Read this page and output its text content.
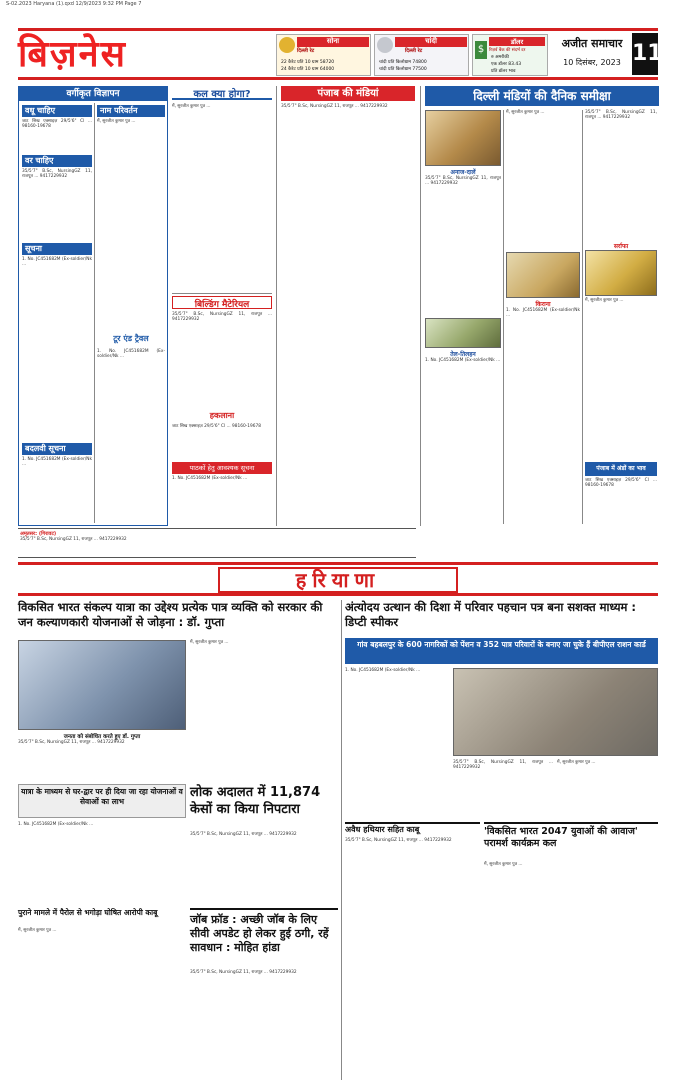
S-02.2023 Haryana (1).qxd 12/9/2023 9:32 PM Page 7
बिज़नेस	सोना
दिल्ली रेट
22 कैरेट प्रति 10 ग्राम 58720
24 कैरेट प्रति 10 ग्राम 64000
चांदी
दिल्ली रेट
चांदी प्रति किलोग्राम 74800
चांदी प्रति किलोग्राम 77500
$
डॉलर
रिज़र्व बैंक की संदर्भ दर
रु अमरीकी
एक डॉलर 83.43
प्रति डॉलर भाव
अजीत समाचार
10 दिसंबर, 2023 11
वर्गीकृत विज्ञापन
वधू चाहिए
जाट सिख एक्साइज़ 29/5'6" Cl ... 98160-19678
वर चाहिए
35/5'7" B.Sc, NursingGZ 11, राजपूत ... 9417229932
सूचना
1. No. JC451682M (Ex-soldier/Nk ...
बदलवी सूचना
1. No. JC451682M (Ex-soldier/Nk ...
नाम परिवर्तन
मैं, सुरजीत कुमार पुत्र ...
टूर एंड ट्रैवल
1. No. JC451682M (Ex-soldier/Nk ...
कल क्या होगा?
मैं, सुरजीत कुमार पुत्र ...
बिल्डिंग मैटेरियल
35/5'7" B.Sc, NursingGZ 11, राजपूत ... 9417229932
हकलाना
जाट सिख एक्साइज़ 29/5'6" Cl ... 98160-19678
पाठकों हेतु आवश्यक सूचना
1. No. JC451682M (Ex-soldier/Nk ...
पंजाब की मंडियां
35/5'7" B.Sc, NursingGZ 11, राजपूत ... 9417229932
दिल्ली मंडियों की दैनिक समीक्षा
अनाज-दालें
35/5'7" B.Sc, NursingGZ 11, राजपूत ... 9417229932
तेल-तिलहन
1. No. JC451682M (Ex-soldier/Nk ...
मैं, सुरजीत कुमार पुत्र ...
किराना
1. No. JC451682M (Ex-soldier/Nk ...
35/5'7" B.Sc, NursingGZ 11, राजपूत ... 9417229932
सर्राफा
मैं, सुरजीत कुमार पुत्र ...
पंजाब में अंडों का भाव
जाट सिख एक्साइज़ 29/5'6" Cl ... 98160-19678
अमृतसर: (गिरावट)
35/5'7" B.Sc, NursingGZ 11, राजपूत ... 9417229932
हरियाणा
विकसित भारत संकल्प यात्रा का उद्देश्य प्रत्येक पात्र व्यक्ति को सरकार की जन कल्याणकारी योजनाओं से जोड़ना : डॉ. गुप्ता
जनता को संबोधित करते हुए डॉ. गुप्ता
35/5'7" B.Sc, NursingGZ 11, राजपूत ... 9417229932
मैं, सुरजीत कुमार पुत्र ...
यात्रा के माध्यम से घर-द्वार पर ही दिया जा रहा योजनाओं व सेवाओं का लाभ
1. No. JC451682M (Ex-soldier/Nk ...
लोक अदालत में 11,874 केसों का किया निपटारा
35/5'7" B.Sc, NursingGZ 11, राजपूत ... 9417229932
पुराने मामले में पैरोल से भगोड़ा घोषित आरोपी काबू
मैं, सुरजीत कुमार पुत्र ...
जॉब फ्रॉड : अच्छी जॉब के लिए सीवी अपडेट हो लेकर हुई ठगी, रहें सावधान : मोहित हांडा
35/5'7" B.Sc, NursingGZ 11, राजपूत ... 9417229932
अंत्योदय उत्थान की दिशा में परिवार पहचान पत्र बना सशक्त माध्यम : डिप्टी स्पीकर
गांव बहबलपुर के 600 नागरिकों को पेंशन व 352 पात्र परिवारों के बनाए जा चुके हैं बीपीएल राशन कार्ड
1. No. JC451682M (Ex-soldier/Nk ...
35/5'7" B.Sc, NursingGZ 11, राजपूत ... 9417229932
मैं, सुरजीत कुमार पुत्र ...
अवैध हथियार सहित काबू
35/5'7" B.Sc, NursingGZ 11, राजपूत ... 9417229932
'विकसित भारत 2047 युवाओं की आवाज' परामर्श कार्यक्रम कल
मैं, सुरजीत कुमार पुत्र ...
